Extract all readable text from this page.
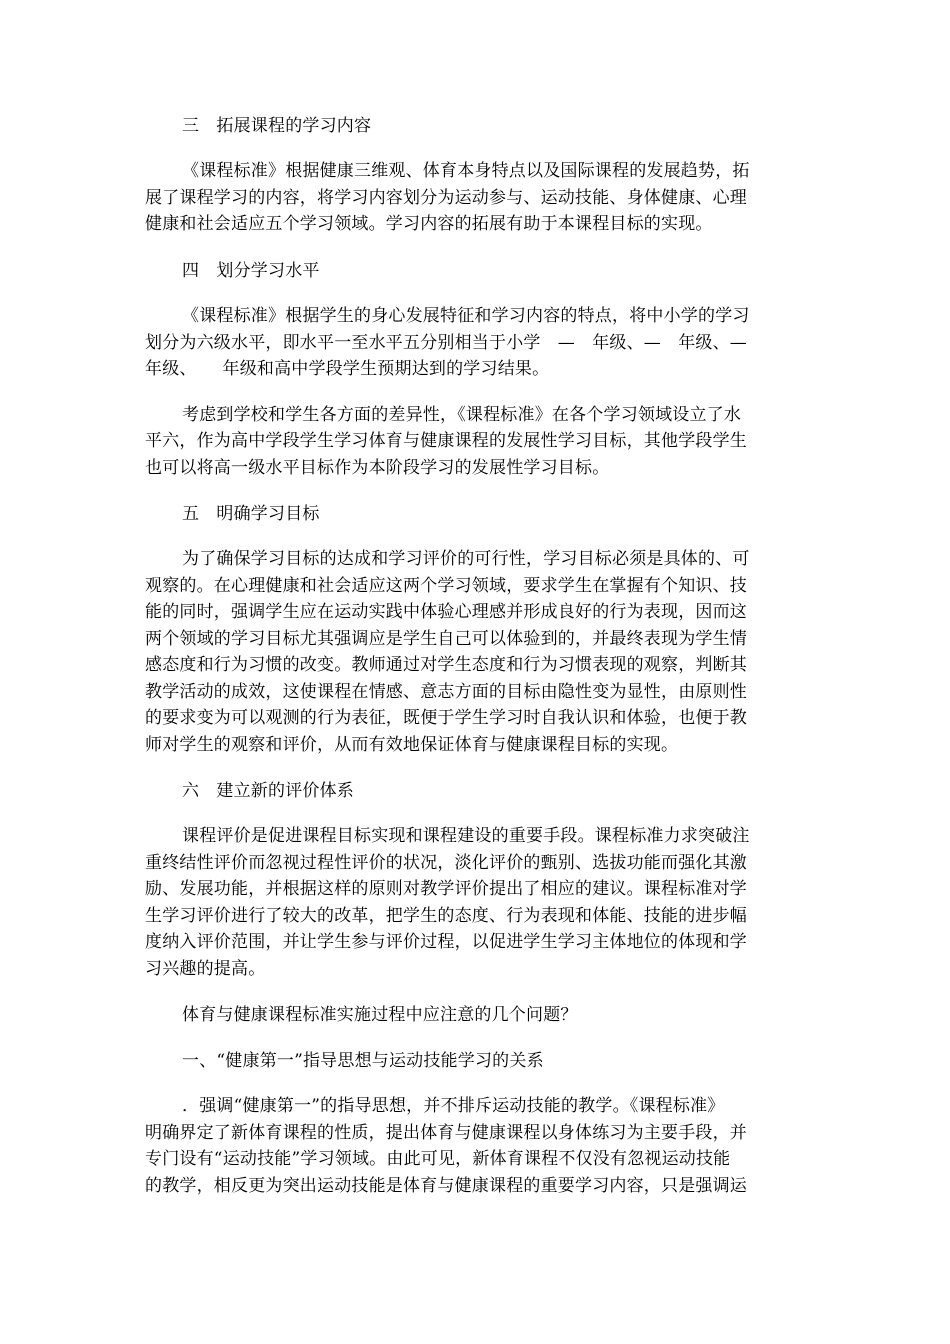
三　拓展课程的学习内容
《课程标准》根据健康三维观、体育本身特点以及国际课程的发展趋势，拓
展了课程学习的内容，将学习内容划分为运动参与、运动技能、身体健康、心理
健康和社会适应五个学习领域。学习内容的拓展有助于本课程目标的实现。
四　划分学习水平
《课程标准》根据学生的身心发展特征和学习内容的特点，将中小学的学习
划分为六级水平，即水平一至水平五分别相当于小学　—　年级、—　年级、—
年级、　　年级和高中学段学生预期达到的学习结果。
考虑到学校和学生各方面的差异性，《课程标准》在各个学习领域设立了水
平六，作为高中学段学生学习体育与健康课程的发展性学习目标，其他学段学生
也可以将高一级水平目标作为本阶段学习的发展性学习目标。
五　明确学习目标
为了确保学习目标的达成和学习评价的可行性，学习目标必须是具体的、可
观察的。在心理健康和社会适应这两个学习领域，要求学生在掌握有个知识、技
能的同时，强调学生应在运动实践中体验心理感并形成良好的行为表现，因而这
两个领域的学习目标尤其强调应是学生自己可以体验到的，并最终表现为学生情
感态度和行为习惯的改变。教师通过对学生态度和行为习惯表现的观察，判断其
教学活动的成效，这使课程在情感、意志方面的目标由隐性变为显性，由原则性
的要求变为可以观测的行为表征，既便于学生学习时自我认识和体验，也便于教
师对学生的观察和评价，从而有效地保证体育与健康课程目标的实现。
六　建立新的评价体系
课程评价是促进课程目标实现和课程建设的重要手段。课程标准力求突破注
重终结性评价而忽视过程性评价的状况，淡化评价的甄别、选拔功能而强化其激
励、发展功能，并根据这样的原则对教学评价提出了相应的建议。课程标准对学
生学习评价进行了较大的改革，把学生的态度、行为表现和体能、技能的进步幅
度纳入评价范围，并让学生参与评价过程，以促进学生学习主体地位的体现和学
习兴趣的提高。
体育与健康课程标准实施过程中应注意的几个问题？
一、“健康第一”指导思想与运动技能学习的关系
．强调“健康第一”的指导思想，并不排斥运动技能的教学。《课程标准》
明确界定了新体育课程的性质，提出体育与健康课程以身体练习为主要手段，并
专门设有“运动技能”学习领域。由此可见，新体育课程不仅没有忽视运动技能
的教学，相反更为突出运动技能是体育与健康课程的重要学习内容，只是强调运
